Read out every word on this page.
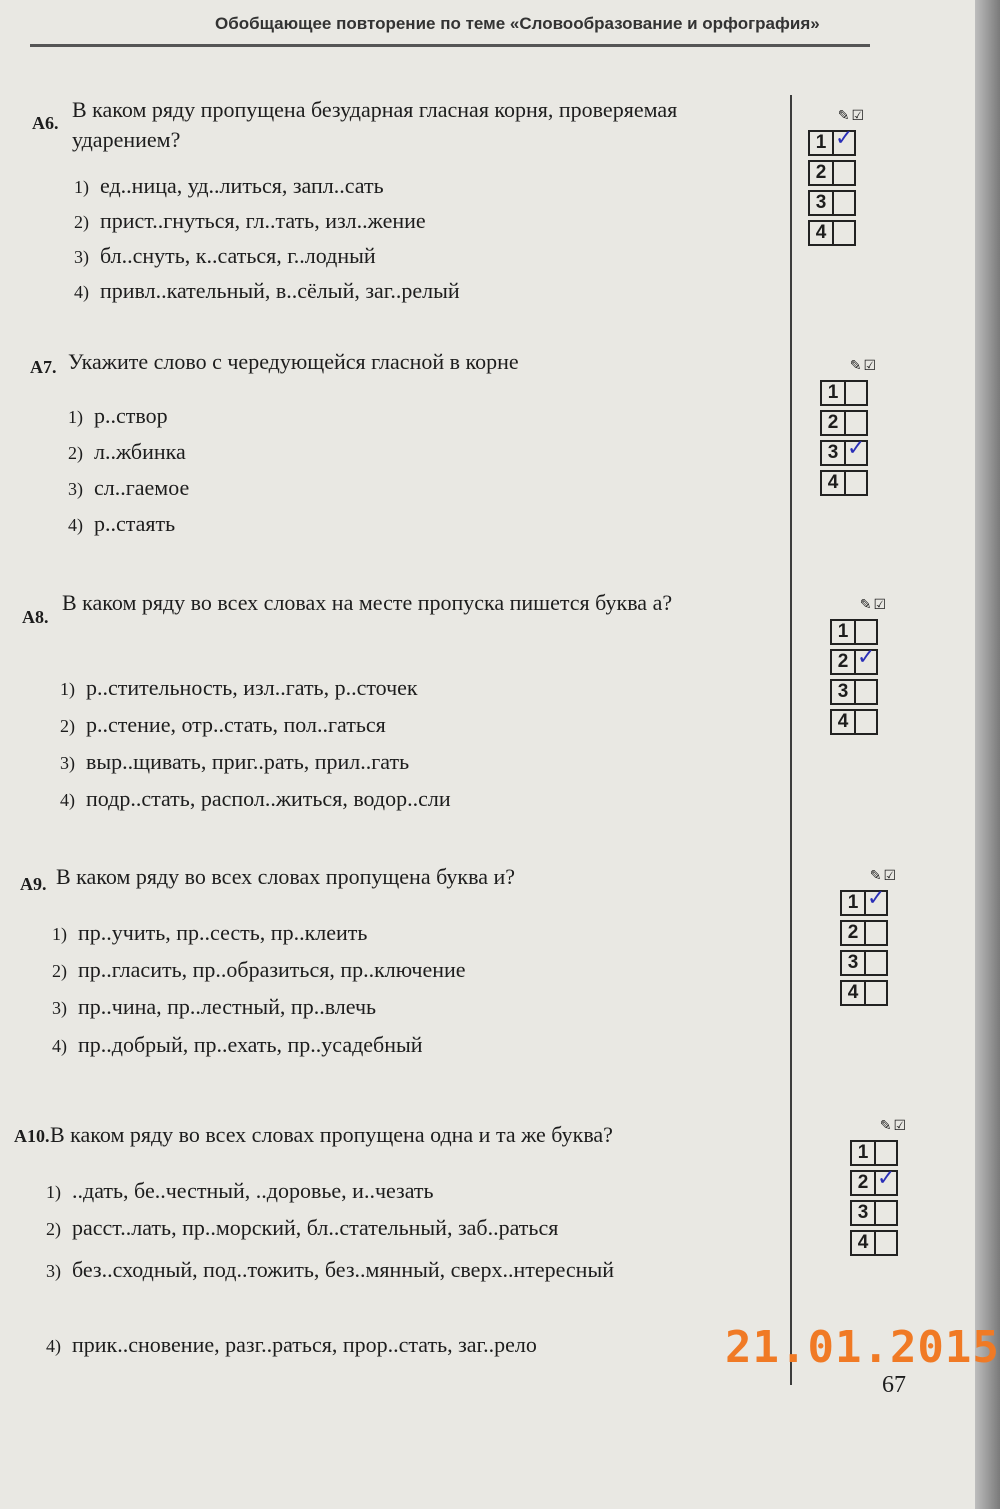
Обобщающее повторение по теме «Словообразование и орфография»
А6.
В каком ряду пропущена безударная гласная корня, проверяемая ударением?
1) ед..ница, уд..литься, запл..сать
2) прист..гнуться, гл..тать, изл..жение
3) бл..снуть, к..саться, г..лодный
4) привл..кательный, в..сёлый, заг..релый
А7. Укажите слово с чередующейся гласной в корне
1) р..створ
2) л..жбинка
3) сл..гаемое
4) р..стаять
А8.
В каком ряду во всех словах на месте пропуска пишется буква а?
1) р..стительность, изл..гать, р..сточек
2) р..стение, отр..стать, пол..гаться
3) выр..щивать, приг..рать, прил..гать
4) подр..стать, распол..житься, водор..сли
А9. В каком ряду во всех словах пропущена буква и?
1) пр..учить, пр..сесть, пр..клеить
2) пр..гласить, пр..образиться, пр..ключение
3) пр..чина, пр..лестный, пр..влечь
4) пр..добрый, пр..ехать, пр..усадебный
А10. В каком ряду во всех словах пропущена одна и та же буква?
1) ..дать, бе..честный, ..доровье, и..чезать
2) расст..лать, пр..морский, бл..стательный, заб..раться
3) без..сходный, под..тожить, без..мянный, сверх..нтересный
4) прик..сновение, разг..раться, прор..стать, заг..рело
✎☑
1 ✓
2
3
4
✎☑
1
2
3 ✓
4
✎☑
1
2 ✓
3
4
✎☑
1 ✓
2
3
4
✎☑
1
2 ✓
3
4
67
21.01.2015
